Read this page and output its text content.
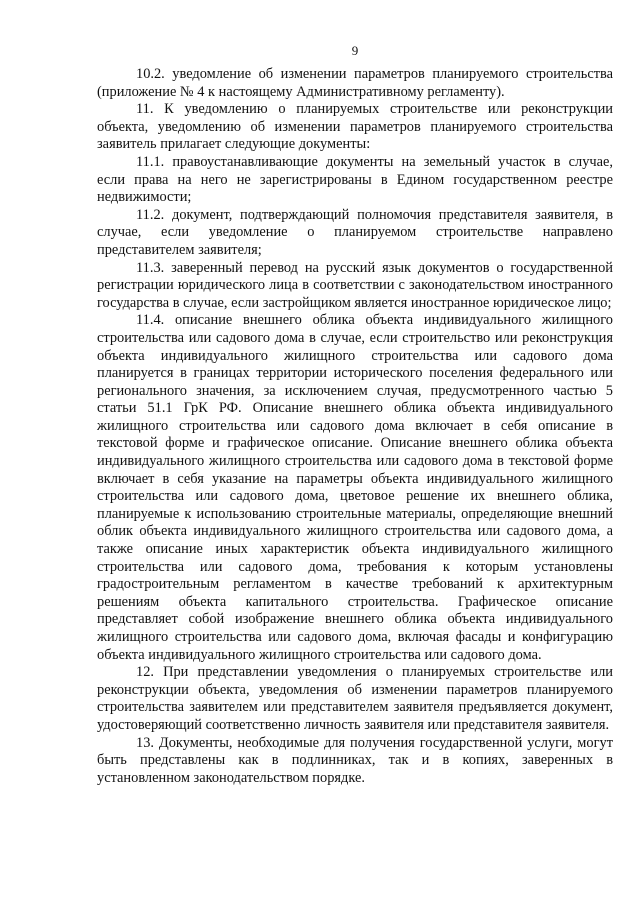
9

10.2. уведомление об изменении параметров планируемого строительства (приложение № 4 к настоящему Административному регламенту).

11. К уведомлению о планируемых строительстве или реконструкции объекта, уведомлению об изменении параметров планируемого строительства заявитель прилагает следующие документы:

11.1. правоустанавливающие документы на земельный участок в случае, если права на него не зарегистрированы в Едином государственном реестре недвижимости;

11.2. документ, подтверждающий полномочия представителя заявителя, в случае, если уведомление о планируемом строительстве направлено представителем заявителя;

11.3. заверенный перевод на русский язык документов о государственной регистрации юридического лица в соответствии с законодательством иностранного государства в случае, если застройщиком является иностранное юридическое лицо;

11.4. описание внешнего облика объекта индивидуального жилищного строительства или садового дома в случае, если строительство или реконструкция объекта индивидуального жилищного строительства или садового дома планируется в границах территории исторического поселения федерального или регионального значения, за исключением случая, предусмотренного частью 5 статьи 51.1 ГрК РФ. Описание внешнего облика объекта индивидуального жилищного строительства или садового дома включает в себя описание в текстовой форме и графическое описание. Описание внешнего облика объекта индивидуального жилищного строительства или садового дома в текстовой форме включает в себя указание на параметры объекта индивидуального жилищного строительства или садового дома, цветовое решение их внешнего облика, планируемые к использованию строительные материалы, определяющие внешний облик объекта индивидуального жилищного строительства или садового дома, а также описание иных характеристик объекта индивидуального жилищного строительства или садового дома, требования к которым установлены градостроительным регламентом в качестве требований к архитектурным решениям объекта капитального строительства. Графическое описание представляет собой изображение внешнего облика объекта индивидуального жилищного строительства или садового дома, включая фасады и конфигурацию объекта индивидуального жилищного строительства или садового дома.

12. При представлении уведомления о планируемых строительстве или реконструкции объекта, уведомления об изменении параметров планируемого строительства заявителем или представителем заявителя предъявляется документ, удостоверяющий соответственно личность заявителя или представителя заявителя.

13. Документы, необходимые для получения государственной услуги, могут быть представлены как в подлинниках, так и в копиях, заверенных в установленном законодательством порядке.
